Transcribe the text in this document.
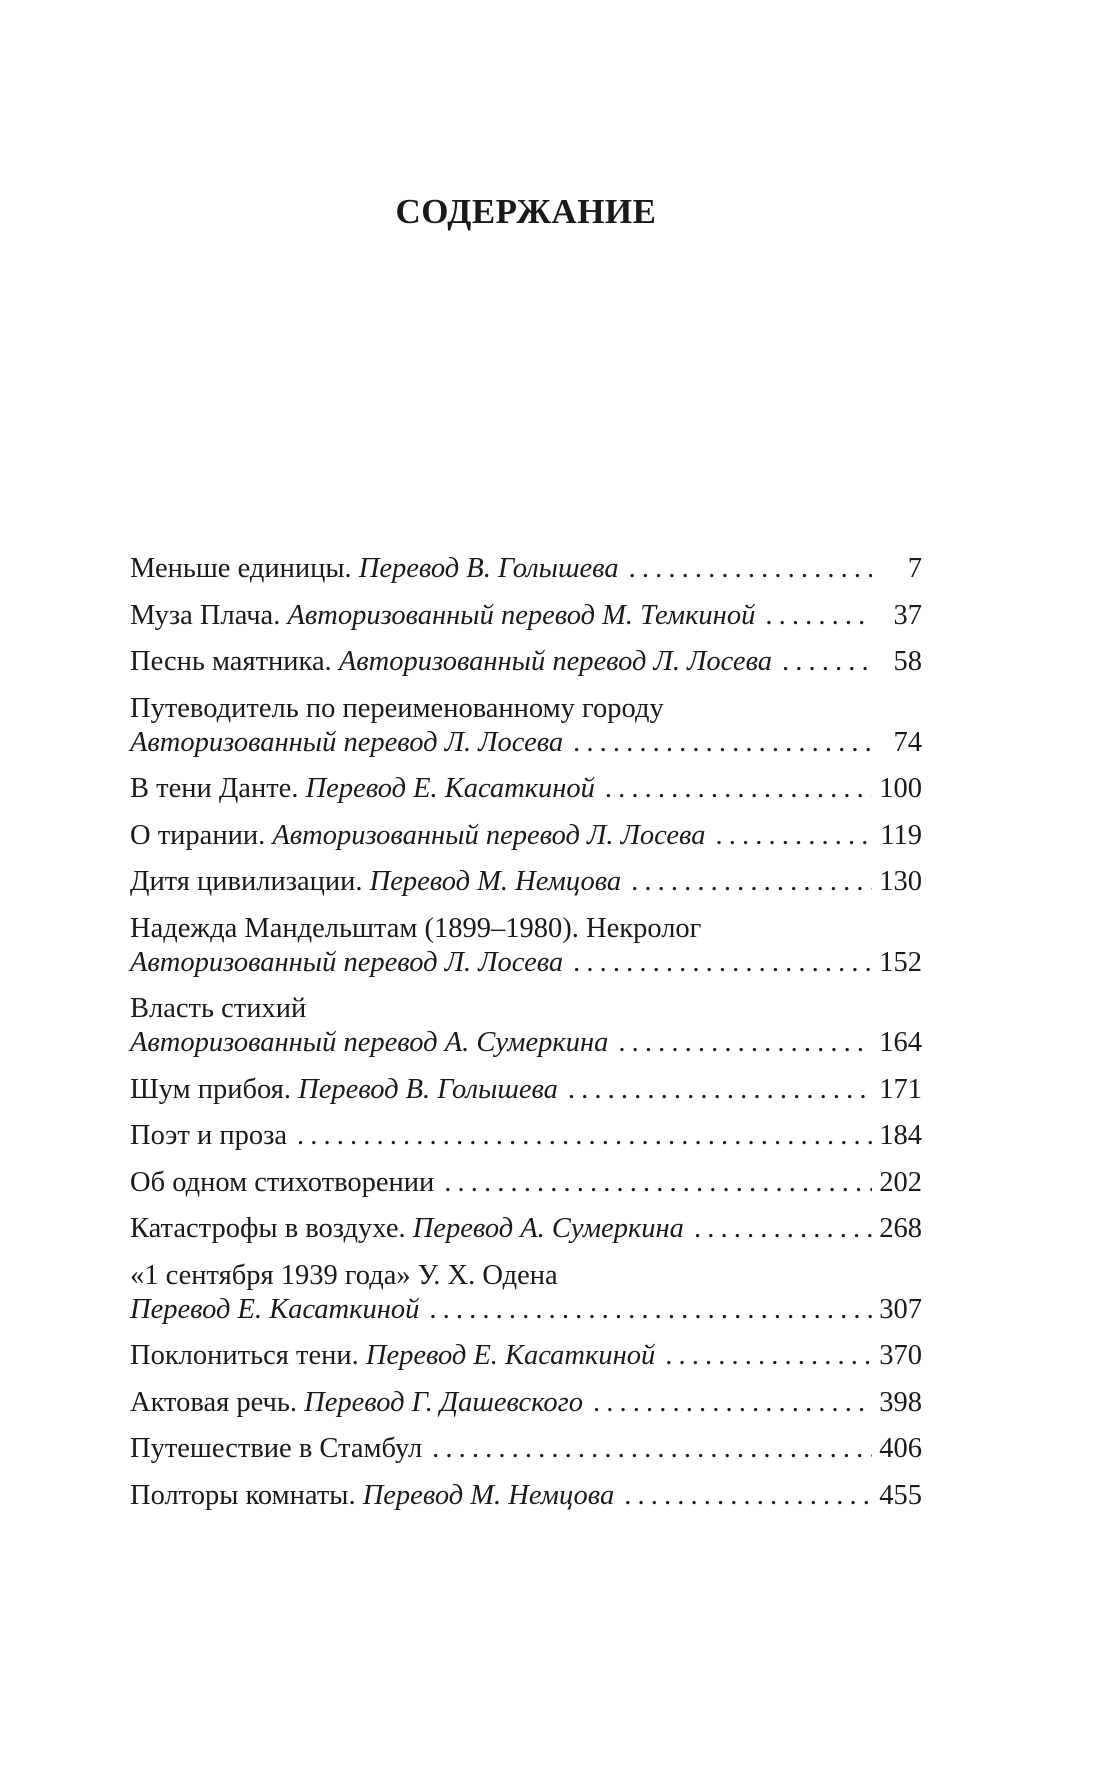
СОДЕРЖАНИЕ
Меньше единицы. Перевод В. Голышева . . .	7
Муза Плача. Авторизованный перевод М. Темкиной . . .	37
Песнь маятника. Авторизованный перевод Л. Лосева . . .	58
Путеводитель по переименованному городу
Авторизованный перевод Л. Лосева . . .	74
В тени Данте. Перевод Е. Касаткиной . . .	100
О тирании. Авторизованный перевод Л. Лосева . . .	119
Дитя цивилизации. Перевод М. Немцова . . .	130
Надежда Мандельштам (1899–1980). Некролог
Авторизованный перевод Л. Лосева . . .	152
Власть стихий
Авторизованный перевод А. Сумеркина . . .	164
Шум прибоя. Перевод В. Голышева . . .	171
Поэт и проза . . .	184
Об одном стихотворении . . .	202
Катастрофы в воздухе. Перевод А. Сумеркина . . .	268
«1 сентября 1939 года» У. Х. Одена
Перевод Е. Касаткиной . . .	307
Поклониться тени. Перевод Е. Касаткиной . . .	370
Актовая речь. Перевод Г. Дашевского . . .	398
Путешествие в Стамбул . . .	406
Полторы комнаты. Перевод М. Немцова . . .	455
